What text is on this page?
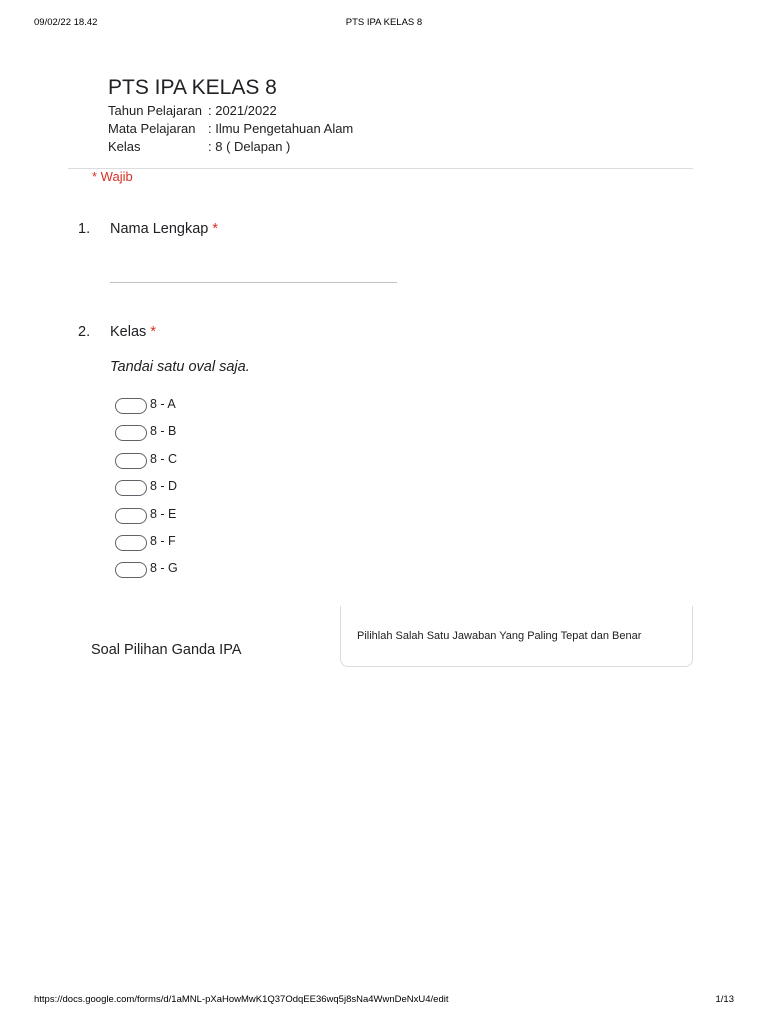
09/02/22 18.42	PTS IPA KELAS 8
PTS IPA KELAS 8
Tahun Pelajaran : 2021/2022
Mata Pelajaran : Ilmu Pengetahuan Alam
Kelas	: 8 ( Delapan )
* Wajib
1. Nama Lengkap *
2. Kelas *
Tandai satu oval saja.
8 - A
8 - B
8 - C
8 - D
8 - E
8 - F
8 - G
Soal Pilihan Ganda IPA
Pilihlah Salah Satu Jawaban Yang Paling Tepat dan Benar
https://docs.google.com/forms/d/1aMNL-pXaHowMwK1Q37OdqEE36wq5j8sNa4WwnDeNxU4/edit	1/13
